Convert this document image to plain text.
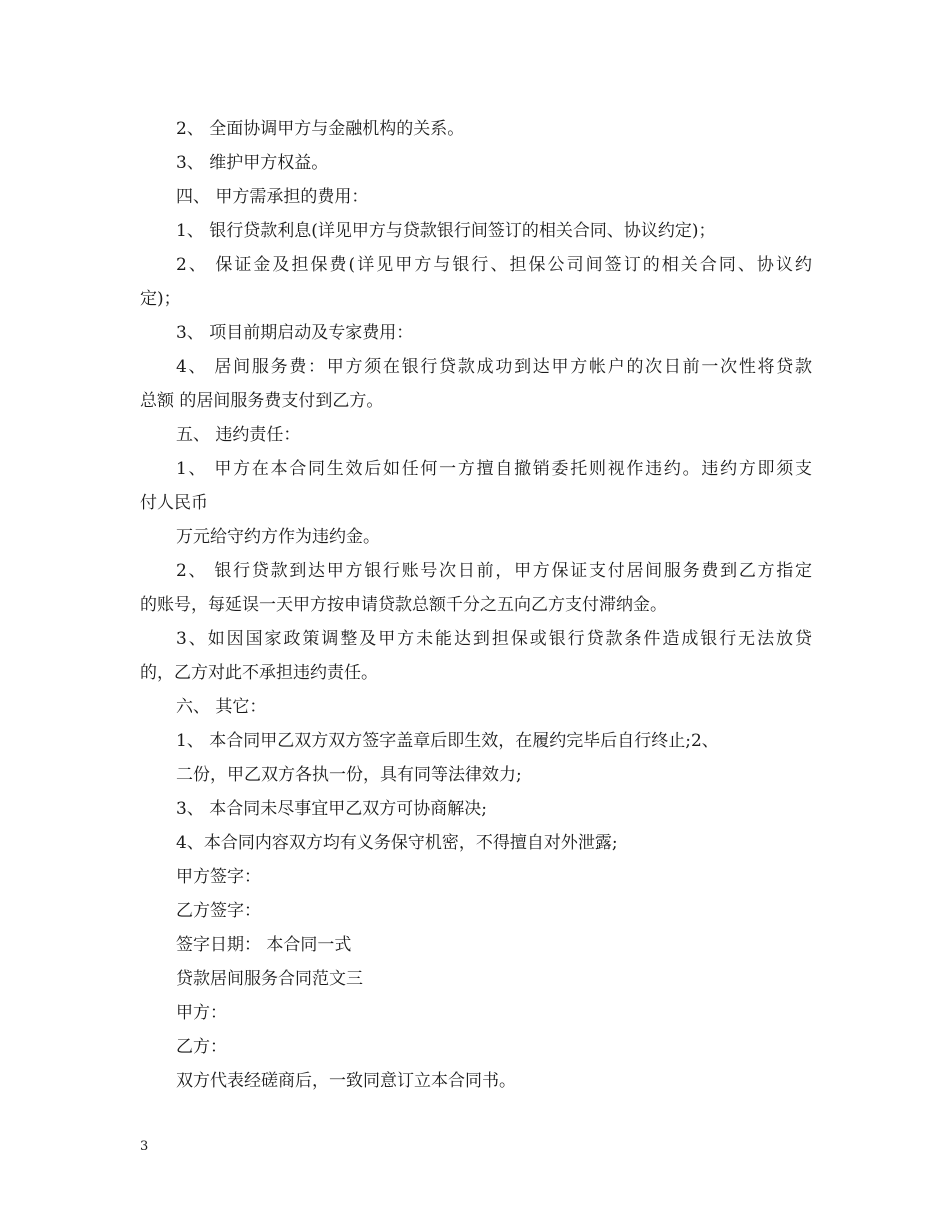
2、 全面协调甲方与金融机构的关系。
3、 维护甲方权益。
四、 甲方需承担的费用：
1、 银行贷款利息(详见甲方与贷款银行间签订的相关合同、协议约定)；
2、 保证金及担保费(详见甲方与银行、担保公司间签订的相关合同、协议约
定)；
3、 项目前期启动及专家费用：
4、 居间服务费：甲方须在银行贷款成功到达甲方帐户的次日前一次性将贷款
总额 的居间服务费支付到乙方。
五、 违约责任：
1、 甲方在本合同生效后如任何一方擅自撤销委托则视作违约。违约方即须支
付人民币
万元给守约方作为违约金。
2、 银行贷款到达甲方银行账号次日前，甲方保证支付居间服务费到乙方指定
的账号，每延误一天甲方按申请贷款总额千分之五向乙方支付滞纳金。
3、如因国家政策调整及甲方未能达到担保或银行贷款条件造成银行无法放贷
的，乙方对此不承担违约责任。
六、 其它：
1、 本合同甲乙双方双方签字盖章后即生效，在履约完毕后自行终止;2、
二份，甲乙双方各执一份，具有同等法律效力;
3、 本合同未尽事宜甲乙双方可协商解决;
4、本合同内容双方均有义务保守机密，不得擅自对外泄露;
甲方签字：
乙方签字：
签字日期： 本合同一式
贷款居间服务合同范文三
甲方：
乙方：
双方代表经磋商后，一致同意订立本合同书。
3
